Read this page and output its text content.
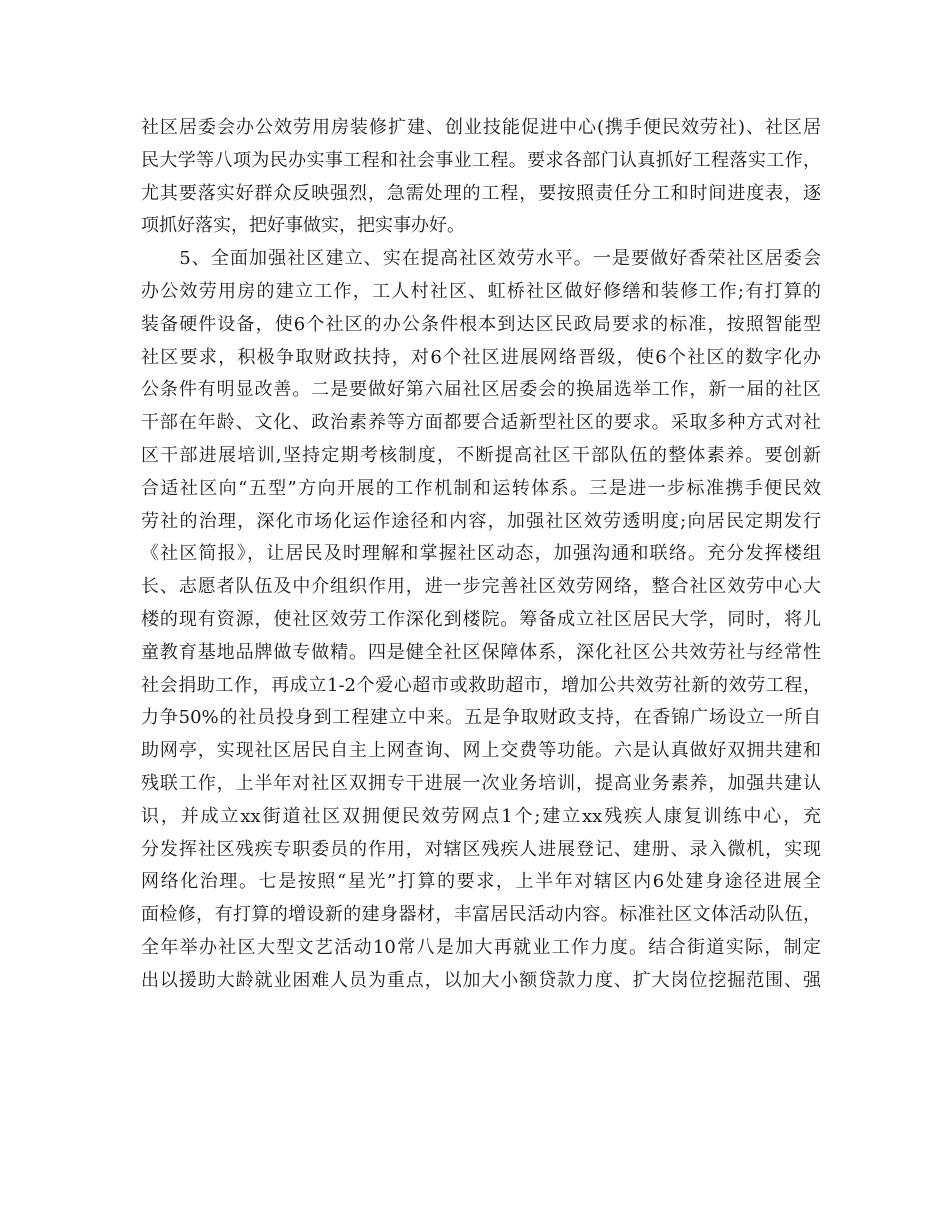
社区居委会办公效劳用房装修扩建、创业技能促进中心(携手便民效劳社)、社区居
民大学等八项为民办实事工程和社会事业工程。要求各部门认真抓好工程落实工作，
尤其要落实好群众反映强烈，急需处理的工程，要按照责任分工和时间进度表，逐
项抓好落实，把好事做实，把实事办好。
　　5、全面加强社区建立、实在提高社区效劳水平。一是要做好香荣社区居委会
办公效劳用房的建立工作，工人村社区、虹桥社区做好修缮和装修工作;有打算的
装备硬件设备，使6个社区的办公条件根本到达区民政局要求的标准，按照智能型
社区要求，积极争取财政扶持，对6个社区进展网络晋级，使6个社区的数字化办
公条件有明显改善。二是要做好第六届社区居委会的换届选举工作，新一届的社区
干部在年龄、文化、政治素养等方面都要合适新型社区的要求。采取多种方式对社
区干部进展培训,坚持定期考核制度，不断提高社区干部队伍的整体素养。要创新
合适社区向“五型”方向开展的工作机制和运转体系。三是进一步标准携手便民效
劳社的治理，深化市场化运作途径和内容，加强社区效劳透明度;向居民定期发行
《社区简报》，让居民及时理解和掌握社区动态，加强沟通和联络。充分发挥楼组
长、志愿者队伍及中介组织作用，进一步完善社区效劳网络，整合社区效劳中心大
楼的现有资源，使社区效劳工作深化到楼院。筹备成立社区居民大学，同时，将儿
童教育基地品牌做专做精。四是健全社区保障体系，深化社区公共效劳社与经常性
社会捐助工作，再成立1-2个爱心超市或救助超市，增加公共效劳社新的效劳工程，
力争50%的社员投身到工程建立中来。五是争取财政支持，在香锦广场设立一所自
助网亭，实现社区居民自主上网查询、网上交费等功能。六是认真做好双拥共建和
残联工作，上半年对社区双拥专干进展一次业务培训，提高业务素养，加强共建认
识，并成立xx街道社区双拥便民效劳网点1个;建立xx残疾人康复训练中心，充
分发挥社区残疾专职委员的作用，对辖区残疾人进展登记、建册、录入微机，实现
网络化治理。七是按照“星光”打算的要求，上半年对辖区内6处建身途径进展全
面检修，有打算的增设新的建身器材，丰富居民活动内容。标准社区文体活动队伍，
全年举办社区大型文艺活动10常八是加大再就业工作力度。结合街道实际，制定
出以援助大龄就业困难人员为重点，以加大小额贷款力度、扩大岗位挖掘范围、强
